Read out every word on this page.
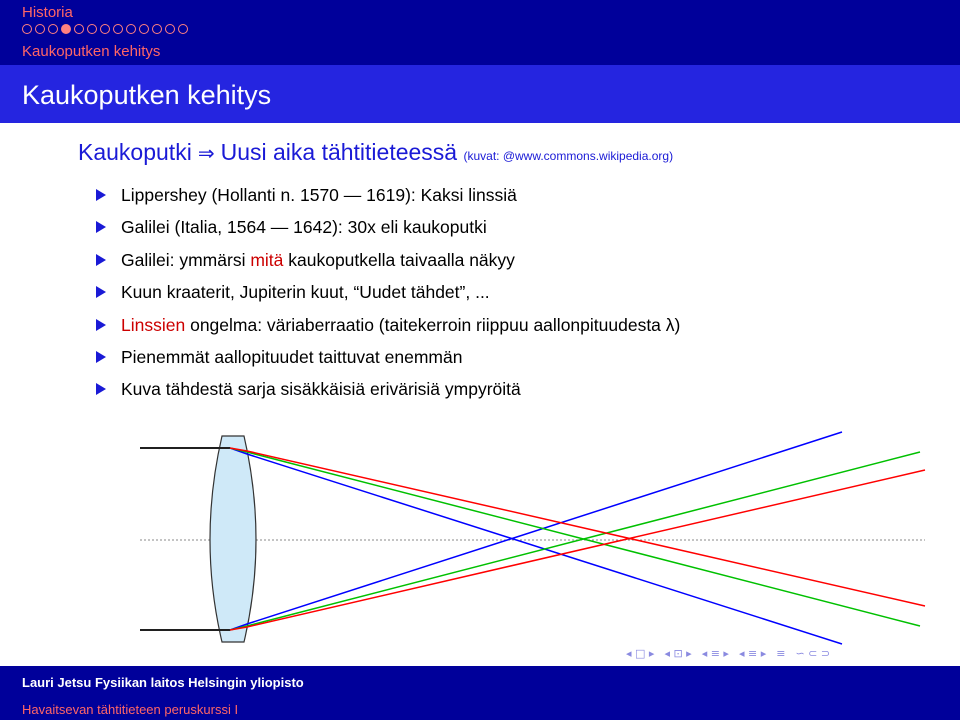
Historia
Kaukoputken kehitys
Kaukoputken kehitys
Kaukoputki ⇒ Uusi aika tähtitieteessä (kuvat: @www.commons.wikipedia.org)
Lippershey (Hollanti n. 1570 — 1619): Kaksi linssiä
Galilei (Italia, 1564 — 1642): 30x eli kaukoputki
Galilei: ymmärsi mitä kaukoputkella taivaalla näkyy
Kuun kraaterit, Jupiterin kuut, “Uudet tähdet”, ...
Linssien ongelma: väriaberraatio (taitekerroin riippuu aallonpituudesta λ)
Pienemmät aallopituudet taittuvat enemmän
Kuva tähdestä sarja sisäkkäisiä erivärisiä ympyröitä
◂ □ ▸ ◂ ⊡ ▸ ◂ ≡ ▸ ◂ ≡ ▸ ≡ ∽ ⊂ ⊃
Lauri Jetsu Fysiikan laitos Helsingin yliopisto
Havaitsevan tähtitieteen peruskurssi I
